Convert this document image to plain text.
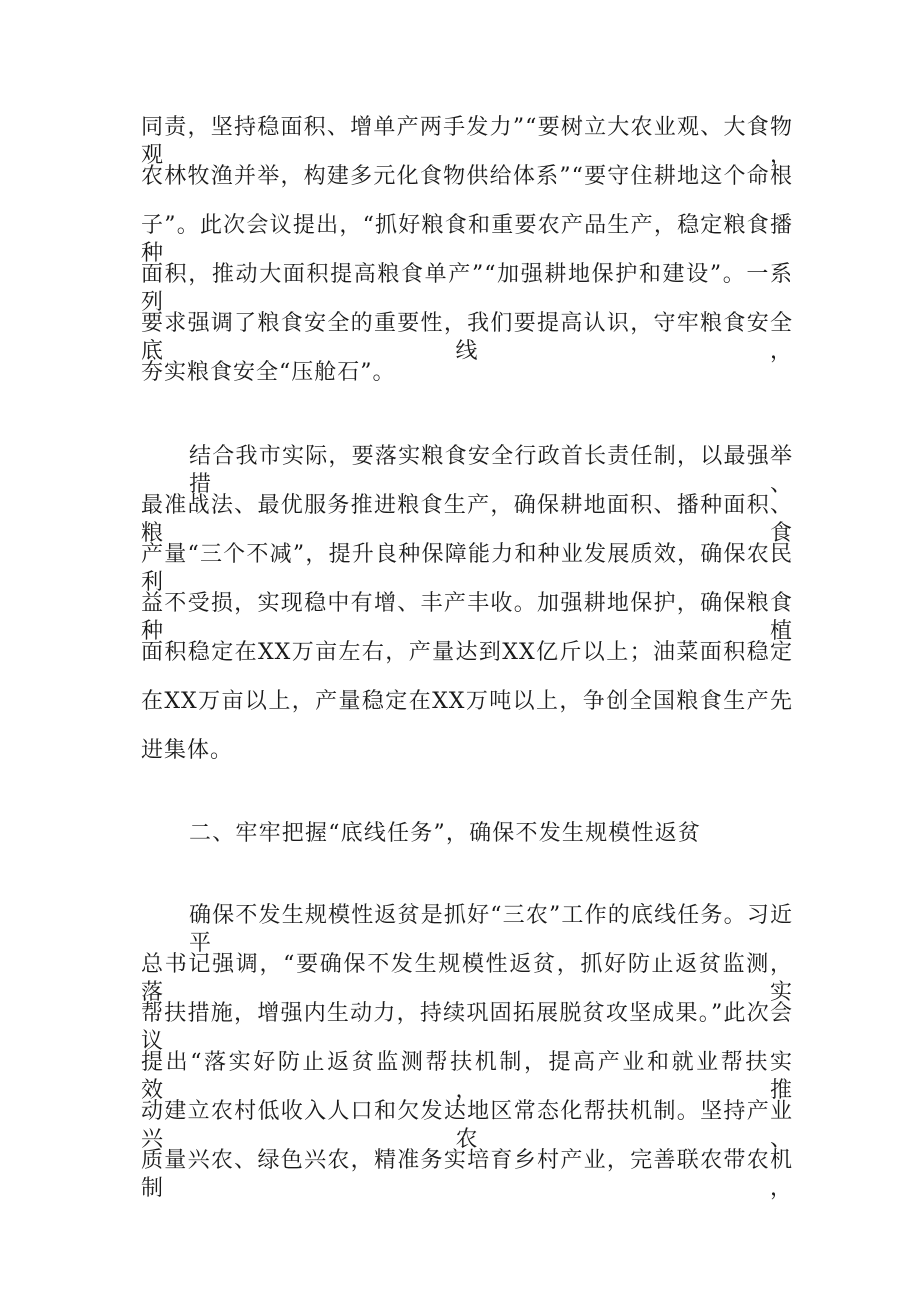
同责，坚持稳面积、增单产两手发力”“要树立大农业观、大食物观，
农林牧渔并举，构建多元化食物供给体系”“要守住耕地这个命根
子”。此次会议提出，“抓好粮食和重要农产品生产，稳定粮食播种
面积，推动大面积提高粮食单产”“加强耕地保护和建设”。一系列
要求强调了粮食安全的重要性，我们要提高认识，守牢粮食安全底线，
夯实粮食安全“压舱石”。
结合我市实际，要落实粮食安全行政首长责任制，以最强举措、
最准战法、最优服务推进粮食生产，确保耕地面积、播种面积、粮食
产量“三个不减”，提升良种保障能力和种业发展质效，确保农民利
益不受损，实现稳中有增、丰产丰收。加强耕地保护，确保粮食种植
面积稳定在XX万亩左右，产量达到XX亿斤以上；油菜面积稳定
在XX万亩以上，产量稳定在XX万吨以上，争创全国粮食生产先
进集体。
二、牢牢把握“底线任务”，确保不发生规模性返贫
确保不发生规模性返贫是抓好“三农”工作的底线任务。习近平
总书记强调，“要确保不发生规模性返贫，抓好防止返贫监测，落实
帮扶措施，增强内生动力，持续巩固拓展脱贫攻坚成果。”此次会议
提出“落实好防止返贫监测帮扶机制，提高产业和就业帮扶实效，推
动建立农村低收入人口和欠发达地区常态化帮扶机制。坚持产业兴农、
质量兴农、绿色兴农，精准务实培育乡村产业，完善联农带农机制，
